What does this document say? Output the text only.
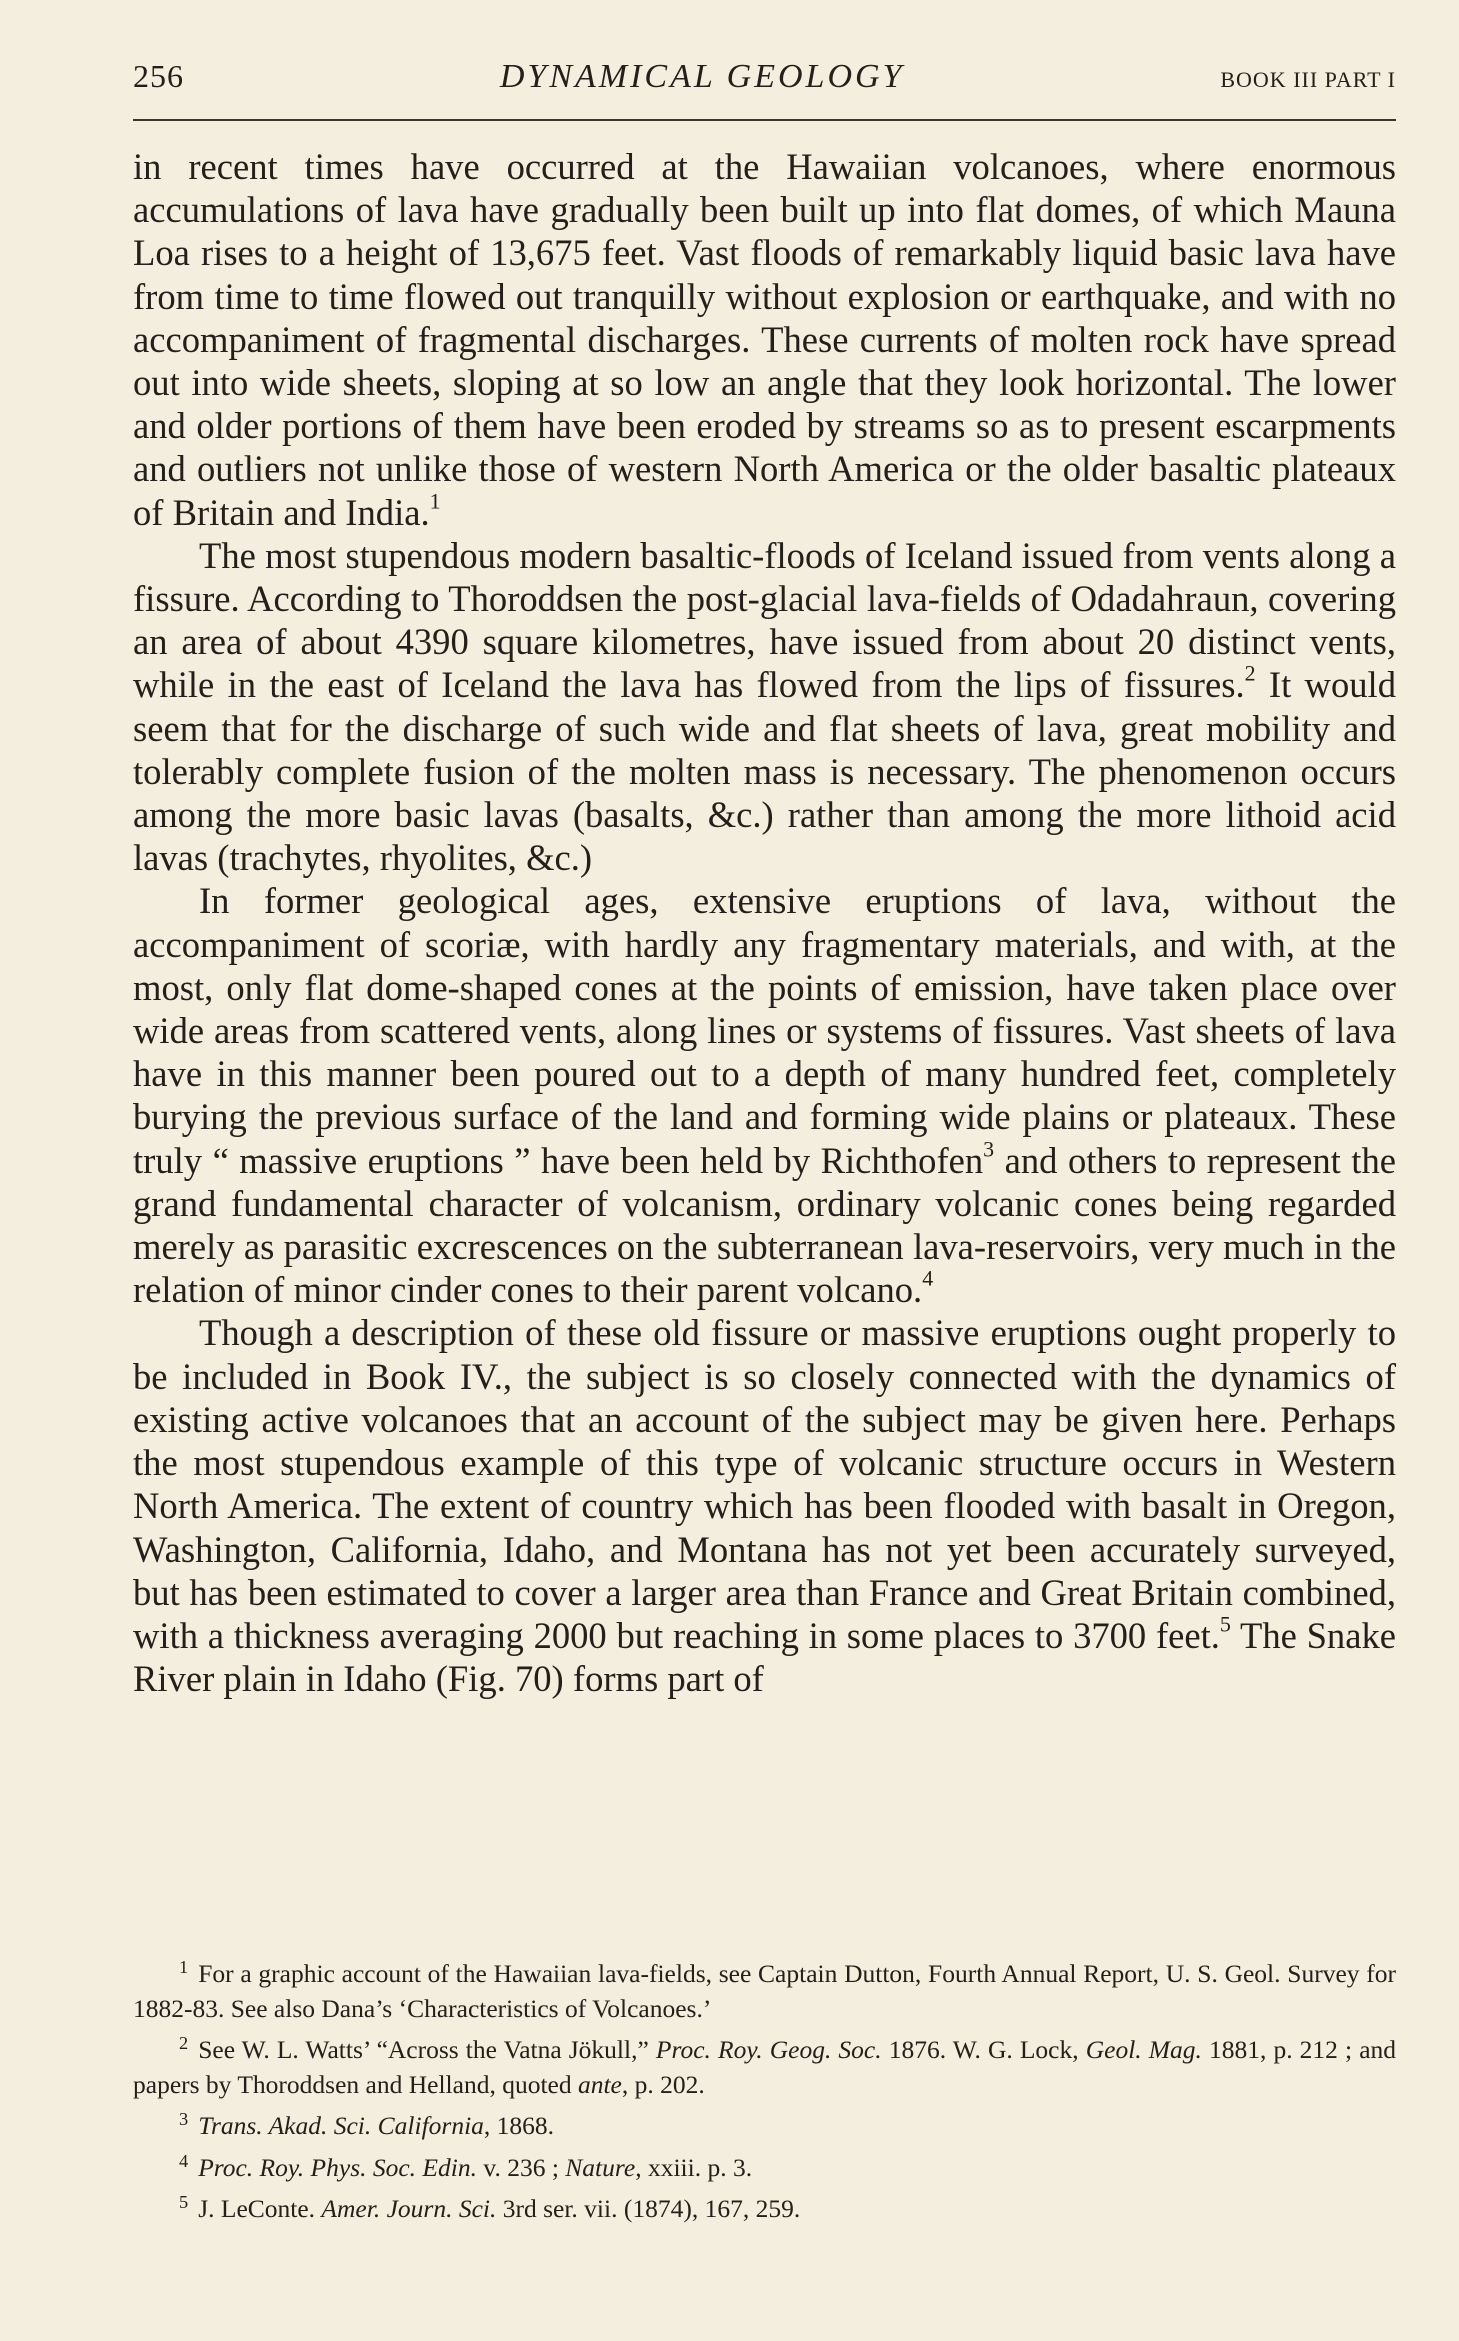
256	DYNAMICAL GEOLOGY	BOOK III PART I

in recent times have occurred at the Hawaiian volcanoes, where enormous accumulations of lava have gradually been built up into flat domes, of which Mauna Loa rises to a height of 13,675 feet. Vast floods of remarkably liquid basic lava have from time to time flowed out tranquilly without explosion or earthquake, and with no accompaniment of fragmental discharges. These currents of molten rock have spread out into wide sheets, sloping at so low an angle that they look horizontal. The lower and older portions of them have been eroded by streams so as to present escarpments and outliers not unlike those of western North America or the older basaltic plateaux of Britain and India.$^1$

The most stupendous modern basaltic-floods of Iceland issued from vents along a fissure. According to Thoroddsen the post-glacial lava-fields of Odadahraun, covering an area of about 4390 square kilometres, have issued from about 20 distinct vents, while in the east of Iceland the lava has flowed from the lips of fissures.$^2$ It would seem that for the discharge of such wide and flat sheets of lava, great mobility and tolerably complete fusion of the molten mass is necessary. The phenomenon occurs among the more basic lavas (basalts, &c.) rather than among the more lithoid acid lavas (trachytes, rhyolites, &c.)

In former geological ages, extensive eruptions of lava, without the accompaniment of scoriæ, with hardly any fragmentary materials, and with, at the most, only flat dome-shaped cones at the points of emission, have taken place over wide areas from scattered vents, along lines or systems of fissures. Vast sheets of lava have in this manner been poured out to a depth of many hundred feet, completely burying the previous surface of the land and forming wide plains or plateaux. These truly “ massive eruptions ” have been held by Richthofen$^3$ and others to represent the grand fundamental character of volcanism, ordinary volcanic cones being regarded merely as parasitic excrescences on the subterranean lava-reservoirs, very much in the relation of minor cinder cones to their parent volcano.$^4$

Though a description of these old fissure or massive eruptions ought properly to be included in Book IV., the subject is so closely connected with the dynamics of existing active volcanoes that an account of the subject may be given here. Perhaps the most stupendous example of this type of volcanic structure occurs in Western North America. The extent of country which has been flooded with basalt in Oregon, Washington, California, Idaho, and Montana has not yet been accurately surveyed, but has been estimated to cover a larger area than France and Great Britain combined, with a thickness averaging 2000 but reaching in some places to 3700 feet.$^5$ The Snake River plain in Idaho (Fig. 70) forms part of

$^1$ For a graphic account of the Hawaiian lava-fields, see Captain Dutton, Fourth Annual Report, U. S. Geol. Survey for 1882-83. See also Dana’s ‘Characteristics of Volcanoes.’

$^2$ See W. L. Watts’ “Across the Vatna Jökull,” Proc. Roy. Geog. Soc. 1876. W. G. Lock, Geol. Mag. 1881, p. 212 ; and papers by Thoroddsen and Helland, quoted ante, p. 202.

$^3$ Trans. Akad. Sci. California, 1868.

$^4$ Proc. Roy. Phys. Soc. Edin. v. 236 ; Nature, xxiii. p. 3.

$^5$ J. LeConte. Amer. Journ. Sci. 3rd ser. vii. (1874), 167, 259.
